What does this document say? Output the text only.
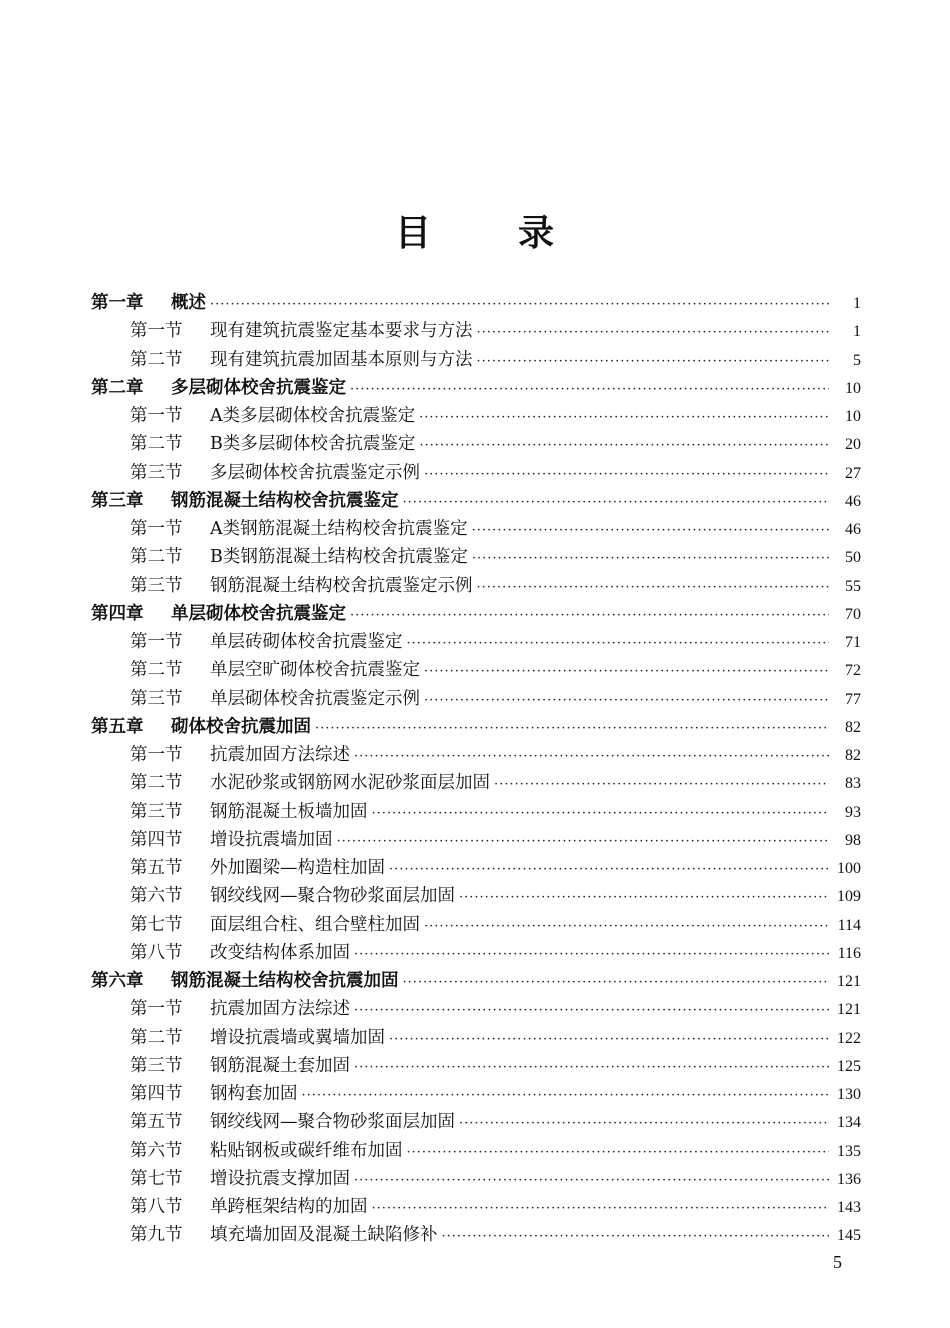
目 录
第一章	概述 ·····	1
第一节	现有建筑抗震鉴定基本要求与方法 ·····	1
第二节	现有建筑抗震加固基本原则与方法 ·····	5
第二章	多层砌体校舍抗震鉴定 ·····	10
第一节	A类多层砌体校舍抗震鉴定 ·····	10
第二节	B类多层砌体校舍抗震鉴定 ·····	20
第三节	多层砌体校舍抗震鉴定示例 ·····	27
第三章	钢筋混凝土结构校舍抗震鉴定 ·····	46
第一节	A类钢筋混凝土结构校舍抗震鉴定 ·····	46
第二节	B类钢筋混凝土结构校舍抗震鉴定 ·····	50
第三节	钢筋混凝土结构校舍抗震鉴定示例 ·····	55
第四章	单层砌体校舍抗震鉴定 ·····	70
第一节	单层砖砌体校舍抗震鉴定 ·····	71
第二节	单层空旷砌体校舍抗震鉴定 ·····	72
第三节	单层砌体校舍抗震鉴定示例 ·····	77
第五章	砌体校舍抗震加固 ·····	82
第一节	抗震加固方法综述 ·····	82
第二节	水泥砂浆或钢筋网水泥砂浆面层加固 ·····	83
第三节	钢筋混凝土板墙加固 ·····	93
第四节	增设抗震墙加固 ·····	98
第五节	外加圈梁—构造柱加固 ·····	100
第六节	钢绞线网—聚合物砂浆面层加固 ·····	109
第七节	面层组合柱、组合壁柱加固 ·····	114
第八节	改变结构体系加固 ·····	116
第六章	钢筋混凝土结构校舍抗震加固 ·····	121
第一节	抗震加固方法综述 ·····	121
第二节	增设抗震墙或翼墙加固 ·····	122
第三节	钢筋混凝土套加固 ·····	125
第四节	钢构套加固 ·····	130
第五节	钢绞线网—聚合物砂浆面层加固 ·····	134
第六节	粘贴钢板或碳纤维布加固 ·····	135
第七节	增设抗震支撑加固 ·····	136
第八节	单跨框架结构的加固 ·····	143
第九节	填充墙加固及混凝土缺陷修补 ·····	145
5
